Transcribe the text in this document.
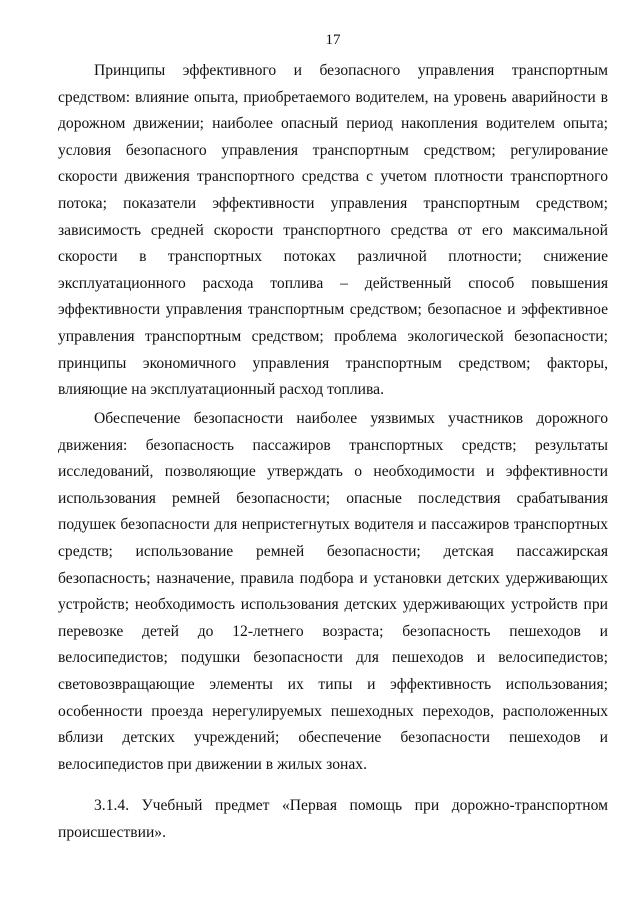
17

Принципы эффективного и безопасного управления транспортным средством: влияние опыта, приобретаемого водителем, на уровень аварийности в дорожном движении; наиболее опасный период накопления водителем опыта; условия безопасного управления транспортным средством; регулирование скорости движения транспортного средства с учетом плотности транспортного потока; показатели эффективности управления транспортным средством; зависимость средней скорости транспортного средства от его максимальной скорости в транспортных потоках различной плотности; снижение эксплуатационного расхода топлива – действенный способ повышения эффективности управления транспортным средством; безопасное и эффективное управления транспортным средством; проблема экологической безопасности; принципы экономичного управления транспортным средством; факторы, влияющие на эксплуатационный расход топлива.

Обеспечение безопасности наиболее уязвимых участников дорожного движения: безопасность пассажиров транспортных средств; результаты исследований, позволяющие утверждать о необходимости и эффективности использования ремней безопасности; опасные последствия срабатывания подушек безопасности для непристегнутых водителя и пассажиров транспортных средств; использование ремней безопасности; детская пассажирская безопасность; назначение, правила подбора и установки детских удерживающих устройств; необходимость использования детских удерживающих устройств при перевозке детей до 12-летнего возраста; безопасность пешеходов и велосипедистов; подушки безопасности для пешеходов и велосипедистов; световозвращающие элементы их типы и эффективность использования; особенности проезда нерегулируемых пешеходных переходов, расположенных вблизи детских учреждений; обеспечение безопасности пешеходов и велосипедистов при движении в жилых зонах.

3.1.4. Учебный предмет «Первая помощь при дорожно-транспортном происшествии».
